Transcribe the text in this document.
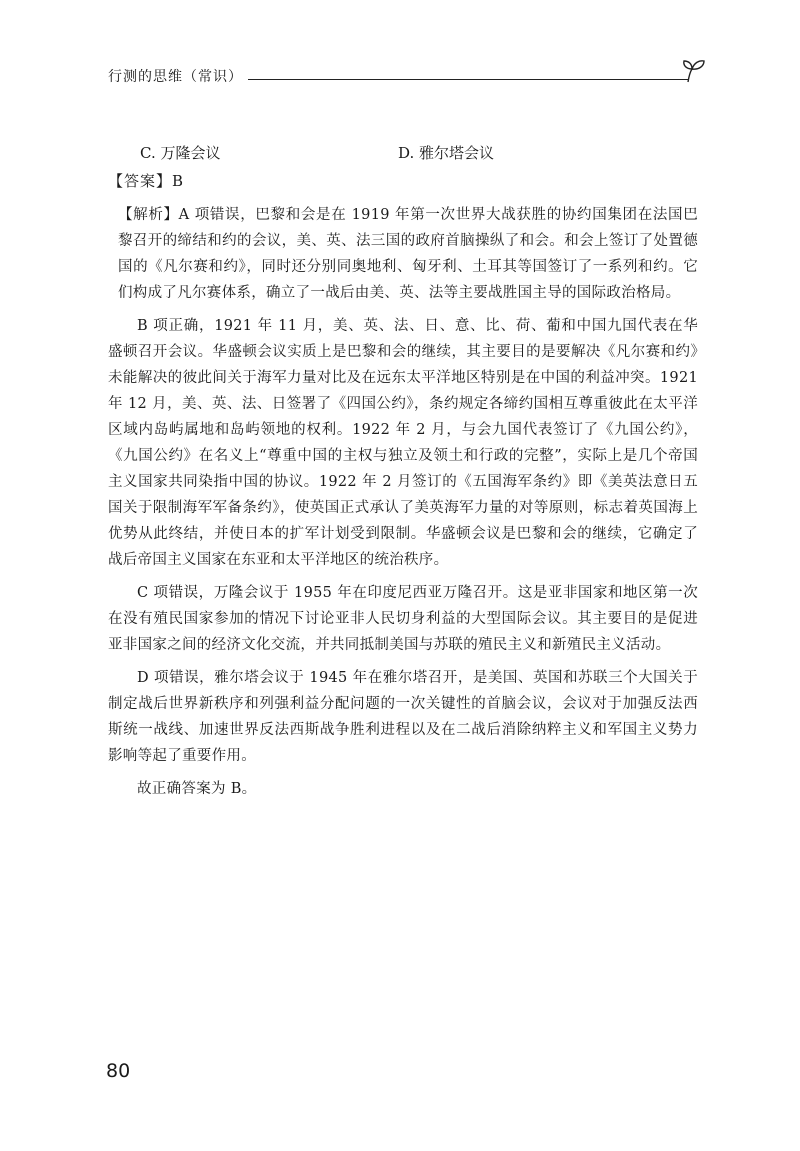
行测的思维（常识）
C. 万隆会议	D. 雅尔塔会议
【答案】B

【解析】A 项错误，巴黎和会是在 1919 年第一次世界大战获胜的协约国集团在法国巴黎召开的缔结和约的会议，美、英、法三国的政府首脑操纵了和会。和会上签订了处置德国的《凡尔赛和约》，同时还分别同奥地利、匈牙利、土耳其等国签订了一系列和约。它们构成了凡尔赛体系，确立了一战后由美、英、法等主要战胜国主导的国际政治格局。

B 项正确，1921 年 11 月，美、英、法、日、意、比、荷、葡和中国九国代表在华盛顿召开会议。华盛顿会议实质上是巴黎和会的继续，其主要目的是要解决《凡尔赛和约》未能解决的彼此间关于海军力量对比及在远东太平洋地区特别是在中国的利益冲突。1921 年 12 月，美、英、法、日签署了《四国公约》，条约规定各缔约国相互尊重彼此在太平洋区域内岛屿属地和岛屿领地的权利。1922 年 2 月，与会九国代表签订了《九国公约》，《九国公约》在名义上“尊重中国的主权与独立及领土和行政的完整”，实际上是几个帝国主义国家共同染指中国的协议。1922 年 2 月签订的《五国海军条约》即《美英法意日五国关于限制海军军备条约》，使英国正式承认了美英海军力量的对等原则，标志着英国海上优势从此终结，并使日本的扩军计划受到限制。华盛顿会议是巴黎和会的继续，它确定了战后帝国主义国家在东亚和太平洋地区的统治秩序。

C 项错误，万隆会议于 1955 年在印度尼西亚万隆召开。这是亚非国家和地区第一次在没有殖民国家参加的情况下讨论亚非人民切身利益的大型国际会议。其主要目的是促进亚非国家之间的经济文化交流，并共同抵制美国与苏联的殖民主义和新殖民主义活动。

D 项错误，雅尔塔会议于 1945 年在雅尔塔召开，是美国、英国和苏联三个大国关于制定战后世界新秩序和列强利益分配问题的一次关键性的首脑会议，会议对于加强反法西斯统一战线、加速世界反法西斯战争胜利进程以及在二战后消除纳粹主义和军国主义势力影响等起了重要作用。

故正确答案为 B。

80
